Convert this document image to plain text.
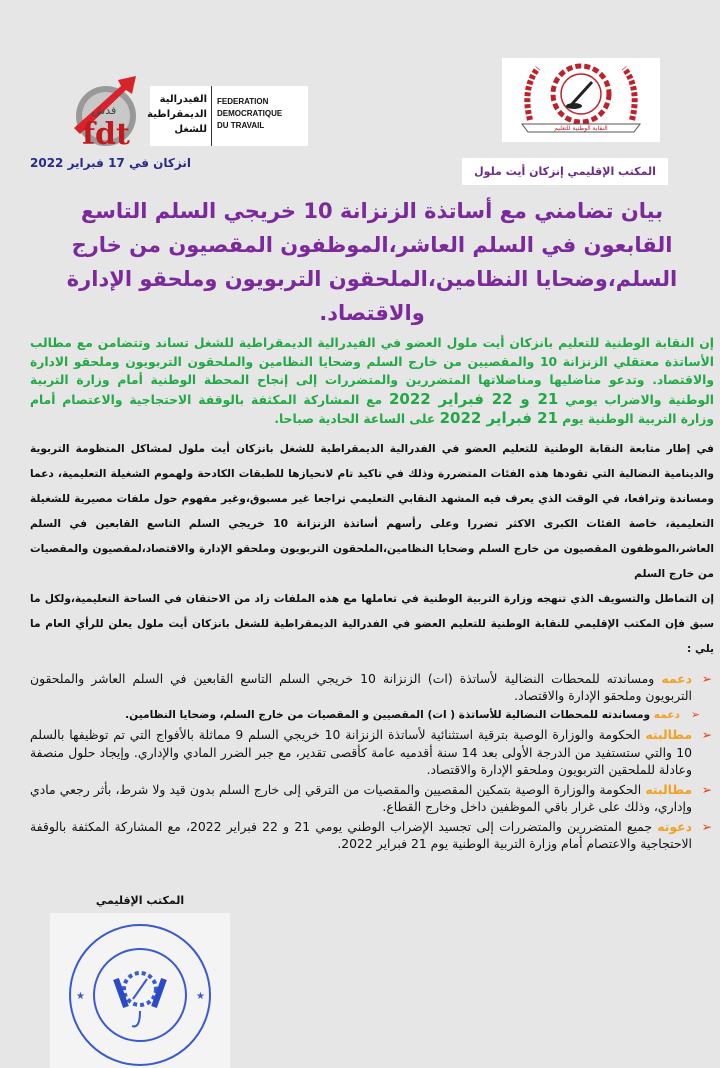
fdt
فدش
الفيدرالية
الديمقراطية
للشغل
FEDERATION
DEMOCRATIQUE
DU TRAVAIL	النقابة الوطنية للتعليم
انزكان في 17 فبراير 2022
المكتب الإقليمي إنزكان أيت ملول
بيان تضامني مع أساتذة الزنزانة 10 خريجي السلم التاسع القابعون في السلم العاشر،الموظفون المقصيون من خارج السلم،وضحايا النظامين،الملحقون التربويون وملحقو الإدارة والاقتصاد.
إن النقابة الوطنية للتعليم بانزكان أيت ملول العضو في الفيدرالية الديمقراطية للشغل تساند وتتضامن مع مطالب الأساتذة معتقلي الزنزانة 10 والمقصيين من خارج السلم وضحايا النظامين والملحقون التربويون وملحقو الادارة والاقتصاد. وتدعو مناضليها ومناضلاتها المتضررين والمتضررات إلى إنجاح المحطة الوطنية أمام وزارة التربية الوطنية والاضراب يومي 21 و 22 فبراير 2022 مع المشاركة المكثفة بالوقفة الاحتجاجية والاعتصام أمام وزارة التربية الوطنية يوم 21 فبراير 2022 على الساعة الحادية صباحا.

في إطار متابعة النقابة الوطنية للتعليم العضو في الفدرالية الديمقراطية للشغل بانزكان أيت ملول لمشاكل المنظومة التربوية والدينامية النضالية التي تقودها هذه الفئات المتضررة وذلك في تاكيد تام لانحيازها للطبقات الكادحة ولهموم الشغيلة التعليمية، دعما ومساندة وترافعا، في الوقت الذي يعرف فيه المشهد النقابي التعليمي تراجعا غير مسبوق،وغير مفهوم حول ملفات مصيرية للشغيلة التعليمية، خاصة الفئات الكبرى الاكثر تضررا وعلى رأسهم أساتذة الزنزانة 10 خريجي السلم التاسع القابعين في السلم العاشر،الموظفون المقصيون من خارج السلم وضحايا النظامين،الملحقون التربويون وملحقو الإدارة والاقتصاد،لمقصيون والمقصيات من خارج السلم

إن التماطل والتسويف الذي تنهجه وزارة التربية الوطنية في تعاملها مع هذه الملفات زاد من الاحتقان في الساحة التعليمية،ولكل ما سبق فإن المكتب الإقليمي للنقابة الوطنية للتعليم العضو في الفدرالية الديمقراطية للشغل بانزكان أيت ملول يعلن للرأي العام ما يلي :

➢
دعمه ومساندته للمحطات النضالية لأساتذة (ات) الزنزانة 10 خريجي السلم التاسع القابعين في السلم العاشر والملحقون التربويون وملحقو الإدارة والاقتصاد.
➢
دعمه ومساندته للمحطات النضالية للأساتذة ( ات) المقصيين و المقصيات من خارج السلم، وضحايا النظامين.
➢
مطالبته الحكومة والوزارة الوصية بترقية استثنائية لأساتذة الزنزانة 10 خريجي السلم 9 مماثلة بالأفواج التي تم توظيفها بالسلم 10 والتي ستستفيد من الدرجة الأولى بعد 14 سنة أقدميه عامة كأقصى تقدير، مع جبر الضرر المادي والإداري. وإيجاد حلول منصفة وعادلة للملحقين التربويون وملحقو الإدارة والاقتصاد.
➢
مطالبته الحكومة والوزارة الوصية بتمكين المقصيين والمقصيات من الترقي إلى خارج السلم بدون قيد ولا شرط، بأثر رجعي مادي وإداري، وذلك على غرار باقي الموظفين داخل وخارج القطاع.
➢
دعوته جميع المتضررين والمتضررات إلى تجسيد الإضراب الوطني يومي 21 و 22 فبراير 2022، مع المشاركة المكثفة بالوقفة الاحتجاجية والاعتصام أمام وزارة التربية الوطنية يوم 21 فبراير 2022.
المكتب الإقليمي
★	★
